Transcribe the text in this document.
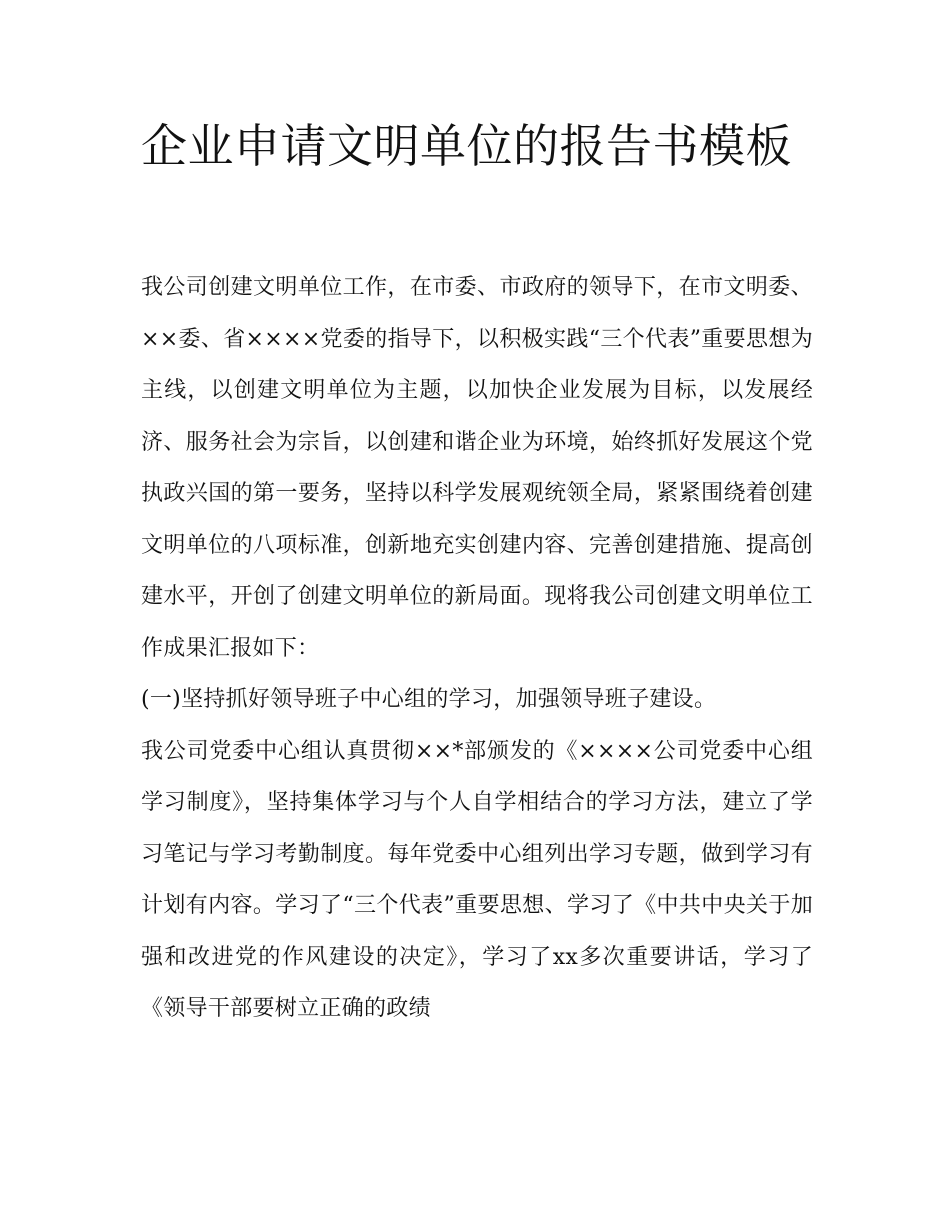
企业申请文明单位的报告书模板

我公司创建文明单位工作，在市委、市政府的领导下，在市文明委、××委、省××××党委的指导下，以积极实践“三个代表”重要思想为主线，以创建文明单位为主题，以加快企业发展为目标，以发展经济、服务社会为宗旨，以创建和谐企业为环境，始终抓好发展这个党执政兴国的第一要务，坚持以科学发展观统领全局，紧紧围绕着创建文明单位的八项标准，创新地充实创建内容、完善创建措施、提高创建水平，开创了创建文明单位的新局面。现将我公司创建文明单位工作成果汇报如下：

(一)坚持抓好领导班子中心组的学习，加强领导班子建设。

我公司党委中心组认真贯彻××*部颁发的《××××公司党委中心组学习制度》，坚持集体学习与个人自学相结合的学习方法，建立了学习笔记与学习考勤制度。每年党委中心组列出学习专题，做到学习有计划有内容。学习了“三个代表”重要思想、学习了《中共中央关于加强和改进党的作风建设的决定》，学习了xx多次重要讲话，学习了《领导干部要树立正确的政绩
